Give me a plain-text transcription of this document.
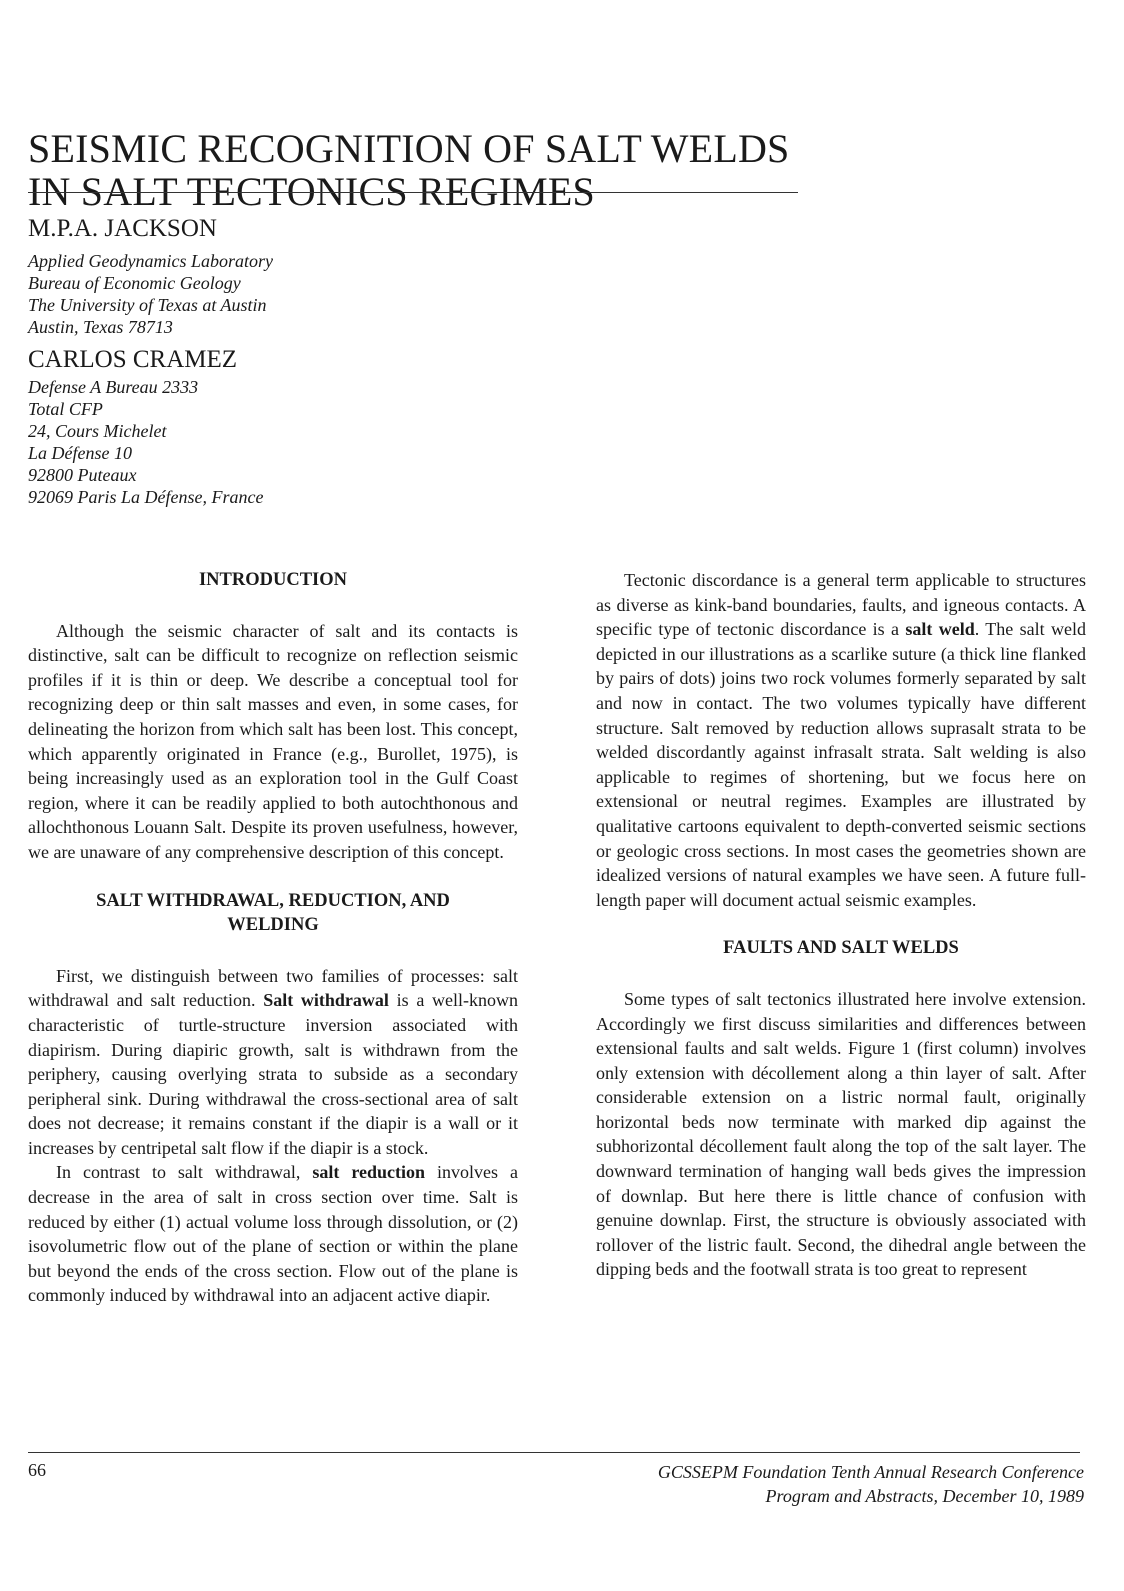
SEISMIC RECOGNITION OF SALT WELDS
IN SALT TECTONICS REGIMES
M.P.A. JACKSON
Applied Geodynamics Laboratory
Bureau of Economic Geology
The University of Texas at Austin
Austin, Texas 78713
CARLOS CRAMEZ
Defense A Bureau 2333
Total CFP
24, Cours Michelet
La Défense 10
92800 Puteaux
92069 Paris La Défense, France
INTRODUCTION

Although the seismic character of salt and its contacts is distinctive, salt can be difficult to recognize on reflection seismic profiles if it is thin or deep. We describe a conceptual tool for recognizing deep or thin salt masses and even, in some cases, for delineating the horizon from which salt has been lost. This concept, which apparently originated in France (e.g., Burollet, 1975), is being increasingly used as an exploration tool in the Gulf Coast region, where it can be readily applied to both autochthonous and allochthonous Louann Salt. Despite its proven usefulness, however, we are unaware of any comprehensive description of this concept.

SALT WITHDRAWAL, REDUCTION, AND WELDING

First, we distinguish between two families of processes: salt withdrawal and salt reduction. Salt withdrawal is a well-known characteristic of turtle-structure inversion associated with diapirism. During diapiric growth, salt is withdrawn from the periphery, causing overlying strata to subside as a secondary peripheral sink. During withdrawal the cross-sectional area of salt does not decrease; it remains constant if the diapir is a wall or it increases by centripetal salt flow if the diapir is a stock.

In contrast to salt withdrawal, salt reduction involves a decrease in the area of salt in cross section over time. Salt is reduced by either (1) actual volume loss through dissolution, or (2) isovolumetric flow out of the plane of section or within the plane but beyond the ends of the cross section. Flow out of the plane is commonly induced by withdrawal into an adjacent active diapir.

Tectonic discordance is a general term applicable to structures as diverse as kink-band boundaries, faults, and igneous contacts. A specific type of tectonic discordance is a salt weld. The salt weld depicted in our illustrations as a scarlike suture (a thick line flanked by pairs of dots) joins two rock volumes formerly separated by salt and now in contact. The two volumes typically have different structure. Salt removed by reduction allows suprasalt strata to be welded discordantly against infrasalt strata. Salt welding is also applicable to regimes of shortening, but we focus here on extensional or neutral regimes. Examples are illustrated by qualitative cartoons equivalent to depth-converted seismic sections or geologic cross sections. In most cases the geometries shown are idealized versions of natural examples we have seen. A future full-length paper will document actual seismic examples.

FAULTS AND SALT WELDS

Some types of salt tectonics illustrated here involve extension. Accordingly we first discuss similarities and differences between extensional faults and salt welds. Figure 1 (first column) involves only extension with décollement along a thin layer of salt. After considerable extension on a listric normal fault, originally horizontal beds now terminate with marked dip against the subhorizontal décollement fault along the top of the salt layer. The downward termination of hanging wall beds gives the impression of downlap. But here there is little chance of confusion with genuine downlap. First, the structure is obviously associated with rollover of the listric fault. Second, the dihedral angle between the dipping beds and the footwall strata is too great to represent

66	GCSSEPM Foundation Tenth Annual Research Conference
Program and Abstracts, December 10, 1989
